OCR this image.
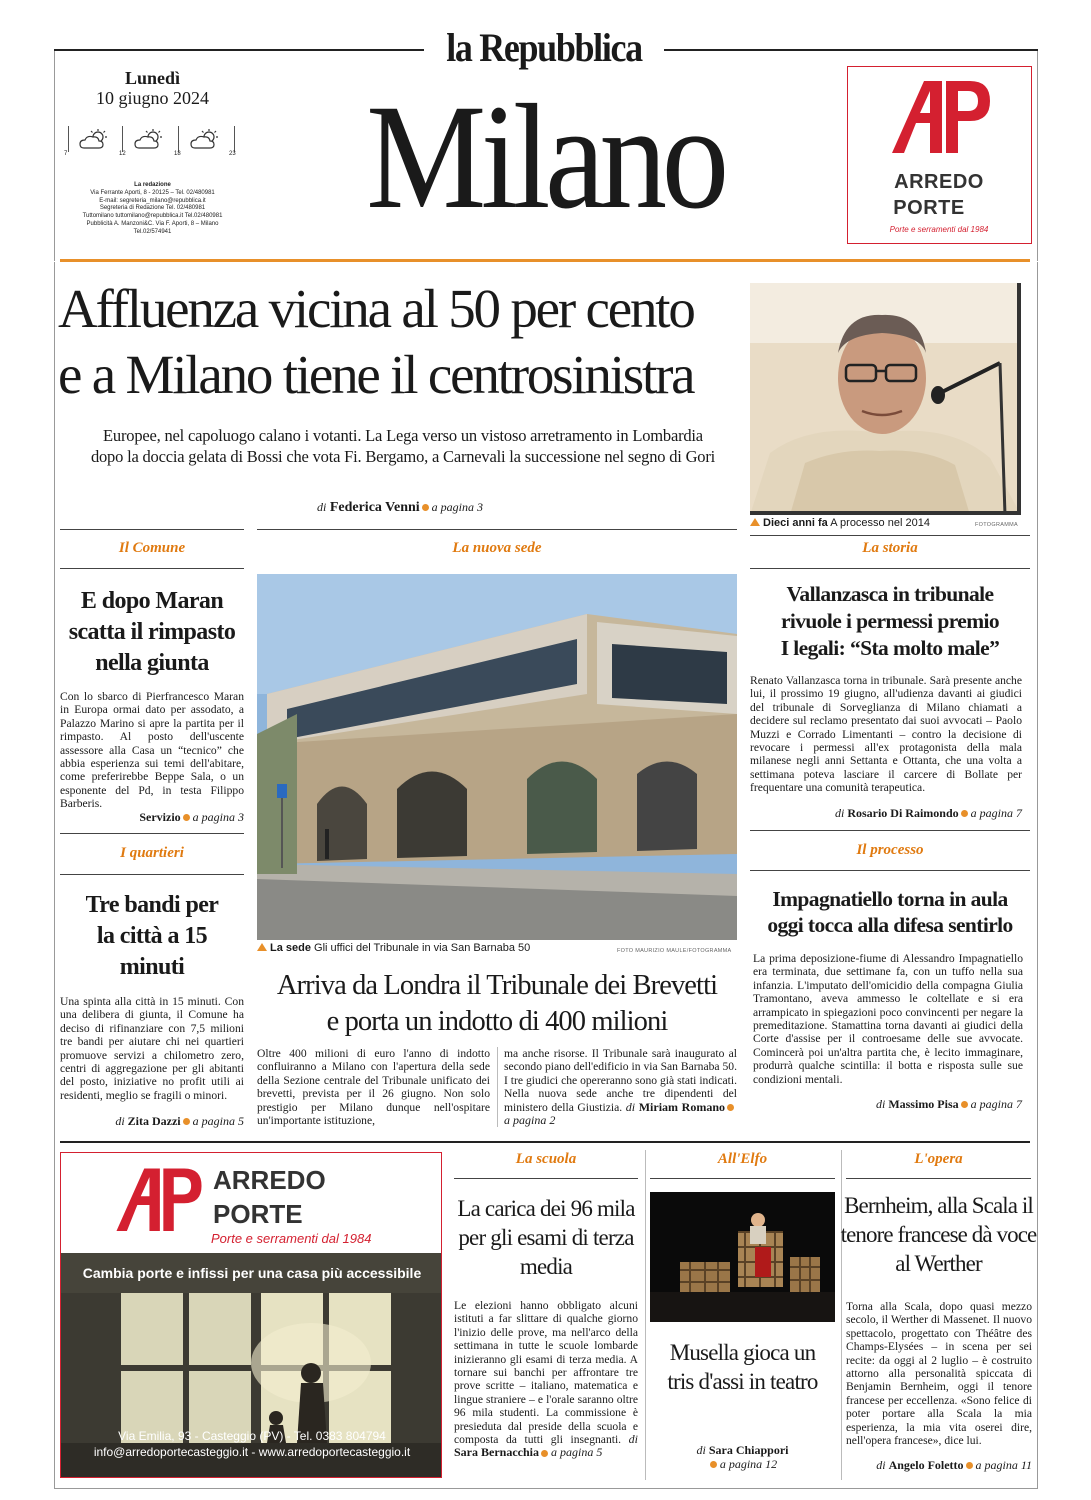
la Repubblica
Lunedì
10 giugno 2024
7	12	18	23
La redazione
Via Ferrante Aporti, 8 - 20125 – Tel. 02/480981
E-mail: segreteria_milano@repubblica.it
Segreteria di Redazione Tel. 02/480981
Tuttomilano tuttomilano@repubblica.it Tel.02/480981
Pubblicità A. Manzoni&C. Via F. Aporti, 8 – Milano
Tel.02/574941	Milano	ARREDO
PORTE
Porte e serramenti dal 1984
Affluenza vicina al 50 per cento
e a Milano tiene il centrosinistra
Europee, nel capoluogo calano i votanti. La Lega verso un vistoso arretramento in Lombardia
dopo la doccia gelata di Bossi che vota Fi. Bergamo, a Carnevali la successione nel segno di Gori
di Federica Venni a pagina 3
Dieci anni fa A processo nel 2014	FOTOGRAMMA
Il Comune
E dopo Maran scatta il rimpasto nella giunta
Con lo sbarco di Pierfrancesco Maran in Europa ormai dato per assodato, a Palazzo Marino si apre la partita per il rimpasto. Al posto dell'uscente assessore alla Casa un “tecnico” che abbia esperienza sui temi dell'abitare, come preferirebbe Beppe Sala, o un esponente del Pd, in testa Filippo Barberis.
Servizio a pagina 3
I quartieri
Tre bandi per la città a 15 minuti
Una spinta alla città in 15 minuti. Con una delibera di giunta, il Comune ha deciso di rifinanziare con 7,5 milioni tre bandi per aiutare chi nei quartieri promuove servizi a chilometro zero, centri di aggregazione per gli abitanti del posto, iniziative no profit utili ai residenti, meglio se fragili o minori.
di Zita Dazzi a pagina 5
La nuova sede
La sede Gli uffici del Tribunale in via San Barnaba 50	FOTO MAURIZIO MAULE/FOTOGRAMMA
Arriva da Londra il Tribunale dei Brevetti
e porta un indotto di 400 milioni
Oltre 400 milioni di euro l'anno di indotto confluiranno a Milano con l'apertura della sede della Sezione centrale del Tribunale unificato dei brevetti, prevista per il 26 giugno. Non solo prestigio per Milano dunque nell'ospitare un'importante istituzione,
ma anche risorse. Il Tribunale sarà inaugurato al secondo piano dell'edificio in via San Barnaba 50. I tre giudici che opereranno sono già stati indicati. Nella nuova sede anche tre dipendenti del ministero della Giustizia. di Miriam Romanoa pagina 2
La storia
Vallanzasca in tribunale
rivuole i permessi premio
I legali: “Sta molto male”
Renato Vallanzasca torna in tribunale. Sarà presente anche lui, il prossimo 19 giugno, all'udienza davanti ai giudici del tribunale di Sorveglianza di Milano chiamati a decidere sul reclamo presentato dai suoi avvocati – Paolo Muzzi e Corrado Limentanti – contro la decisione di revocare i permessi all'ex protagonista della mala milanese negli anni Settanta e Ottanta, che una volta a settimana poteva lasciare il carcere di Bollate per frequentare una comunità terapeutica.
di Rosario Di Raimondo a pagina 7
Il processo
Impagnatiello torna in aula
oggi tocca alla difesa sentirlo
La prima deposizione-fiume di Alessandro Impagnatiello era terminata, due settimane fa, con un tuffo nella sua infanzia. L'imputato dell'omicidio della compagna Giulia Tramontano, aveva ammesso le coltellate e si era arrampicato in spiegazioni poco convincenti per negare la premeditazione. Stamattina torna davanti ai giudici della Corte d'assise per il controesame delle sue avvocate. Comincerà poi un'altra partita che, è lecito immaginare, produrrà qualche scintilla: il botta e risposta sulle sue condizioni mentali.
di Massimo Pisa a pagina 7
ARREDO
PORTE
Porte e serramenti dal 1984
Cambia porte e infissi per una casa più accessibile
Via Emilia, 93 - Casteggio (PV) - Tel. 0383 804794
info@arredoportecasteggio.it - www.arredoportecasteggio.it
La scuola
La carica dei 96 mila per gli esami di terza media
Le elezioni hanno obbligato alcuni istituti a far slittare di qualche giorno l'inizio delle prove, ma nell'arco della settimana in tutte le scuole lombarde inizieranno gli esami di terza media. A tornare sui banchi per affrontare tre prove scritte – italiano, matematica e lingue straniere – e l'orale saranno oltre 96 mila studenti. La commissione è presieduta dal preside della scuola e composta da tutti gli insegnanti. di Sara Bernacchia a pagina 5
All'Elfo
Musella gioca un tris d'assi in teatro
di Sara Chiappori
a pagina 12
L'opera
Bernheim, alla Scala il tenore francese dà voce al Werther
Torna alla Scala, dopo quasi mezzo secolo, il Werther di Massenet. Il nuovo spettacolo, progettato con Théâtre des Champs-Elysées – in scena per sei recite: da oggi al 2 luglio – è costruito attorno alla personalità spiccata di Benjamin Bernheim, oggi il tenore francese per eccellenza. «Sono felice di poter portare alla Scala la mia esperienza, la mia vita oserei dire, nell'opera francese», dice lui.
di Angelo Foletto a pagina 11
